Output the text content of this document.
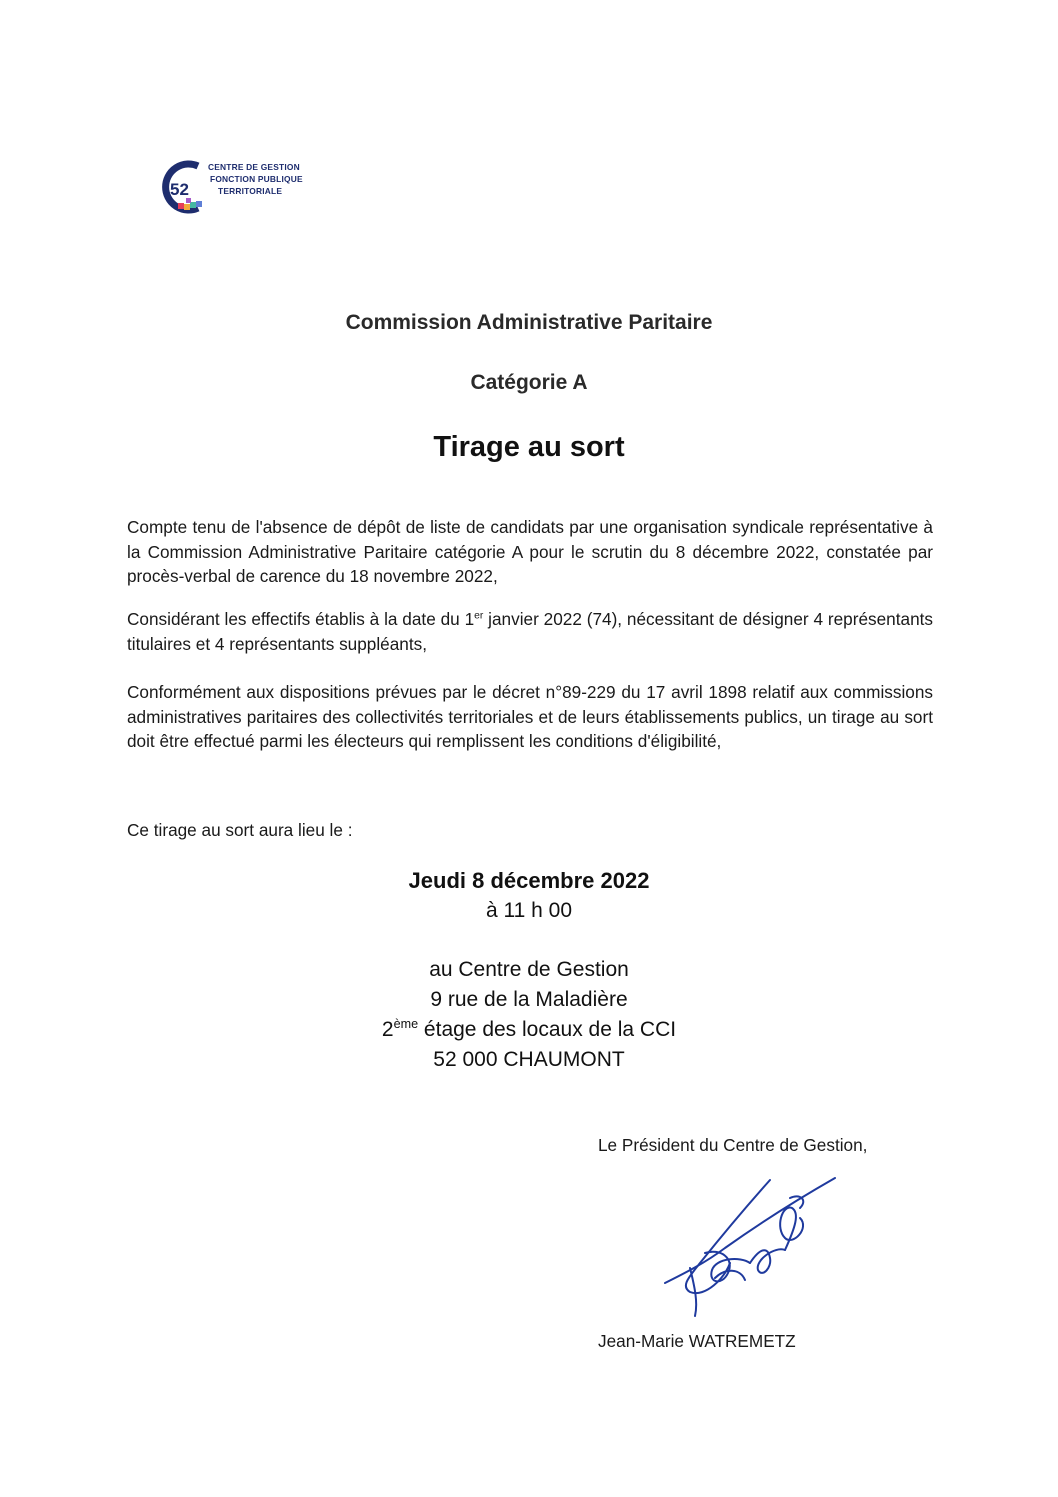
52
CENTRE DE GESTION
FONCTION PUBLIQUE
TERRITORIALE
Commission Administrative Paritaire
Catégorie A
Tirage au sort
Compte tenu de l'absence de dépôt de liste de candidats par une organisation syndicale représentative à la Commission Administrative Paritaire catégorie A pour le scrutin du 8 décembre 2022, constatée par procès-verbal de carence du 18 novembre 2022,
Considérant les effectifs établis à la date du 1er janvier 2022 (74), nécessitant de désigner 4 représentants titulaires et 4 représentants suppléants,
Conformément aux dispositions prévues par le décret n°89-229 du 17 avril 1898 relatif aux commissions administratives paritaires des collectivités territoriales et de leurs établissements publics, un tirage au sort doit être effectué parmi les électeurs qui remplissent les conditions d'éligibilité,
Ce tirage au sort aura lieu le :
Jeudi 8 décembre 2022
à 11 h 00
au Centre de Gestion
9 rue de la Maladière
2ème étage des locaux de la CCI
52 000 CHAUMONT
Le Président du Centre de Gestion,
Jean-Marie WATREMETZ
